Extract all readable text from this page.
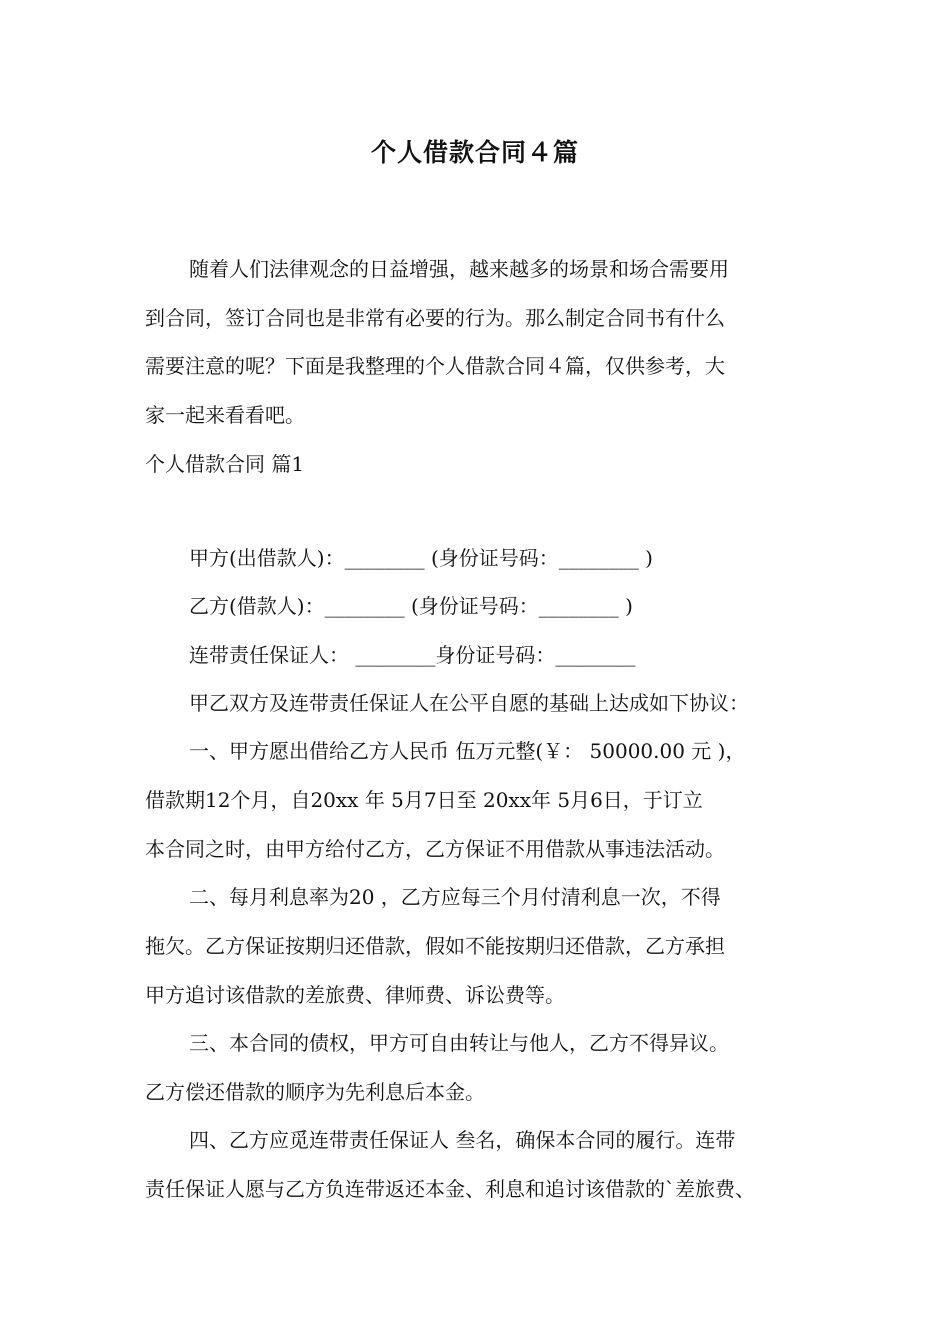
个人借款合同４篇
随着人们法律观念的日益增强，越来越多的场景和场合需要用
到合同，签订合同也是非常有必要的行为。那么制定合同书有什么
需要注意的呢？下面是我整理的个人借款合同４篇，仅供参考，大
家一起来看看吧。
个人借款合同 篇1
甲方(出借款人)：________ (身份证号码：________ )
乙方(借款人)：________ (身份证号码：________ )
连带责任保证人： ________身份证号码：________
甲乙双方及连带责任保证人在公平自愿的基础上达成如下协议：
一、甲方愿出借给乙方人民币 伍万元整(￥： 50000.00 元 )，
借款期12个月，自20xx 年 5月7日至 20xx年 5月6日，于订立
本合同之时，由甲方给付乙方，乙方保证不用借款从事违法活动。
二、每月利息率为20 ，乙方应每三个月付清利息一次，不得
拖欠。乙方保证按期归还借款，假如不能按期归还借款，乙方承担
甲方追讨该借款的差旅费、律师费、诉讼费等。
三、本合同的债权，甲方可自由转让与他人，乙方不得异议。
乙方偿还借款的顺序为先利息后本金。
四、乙方应觅连带责任保证人 叁名，确保本合同的履行。连带
责任保证人愿与乙方负连带返还本金、利息和追讨该借款的`差旅费、
